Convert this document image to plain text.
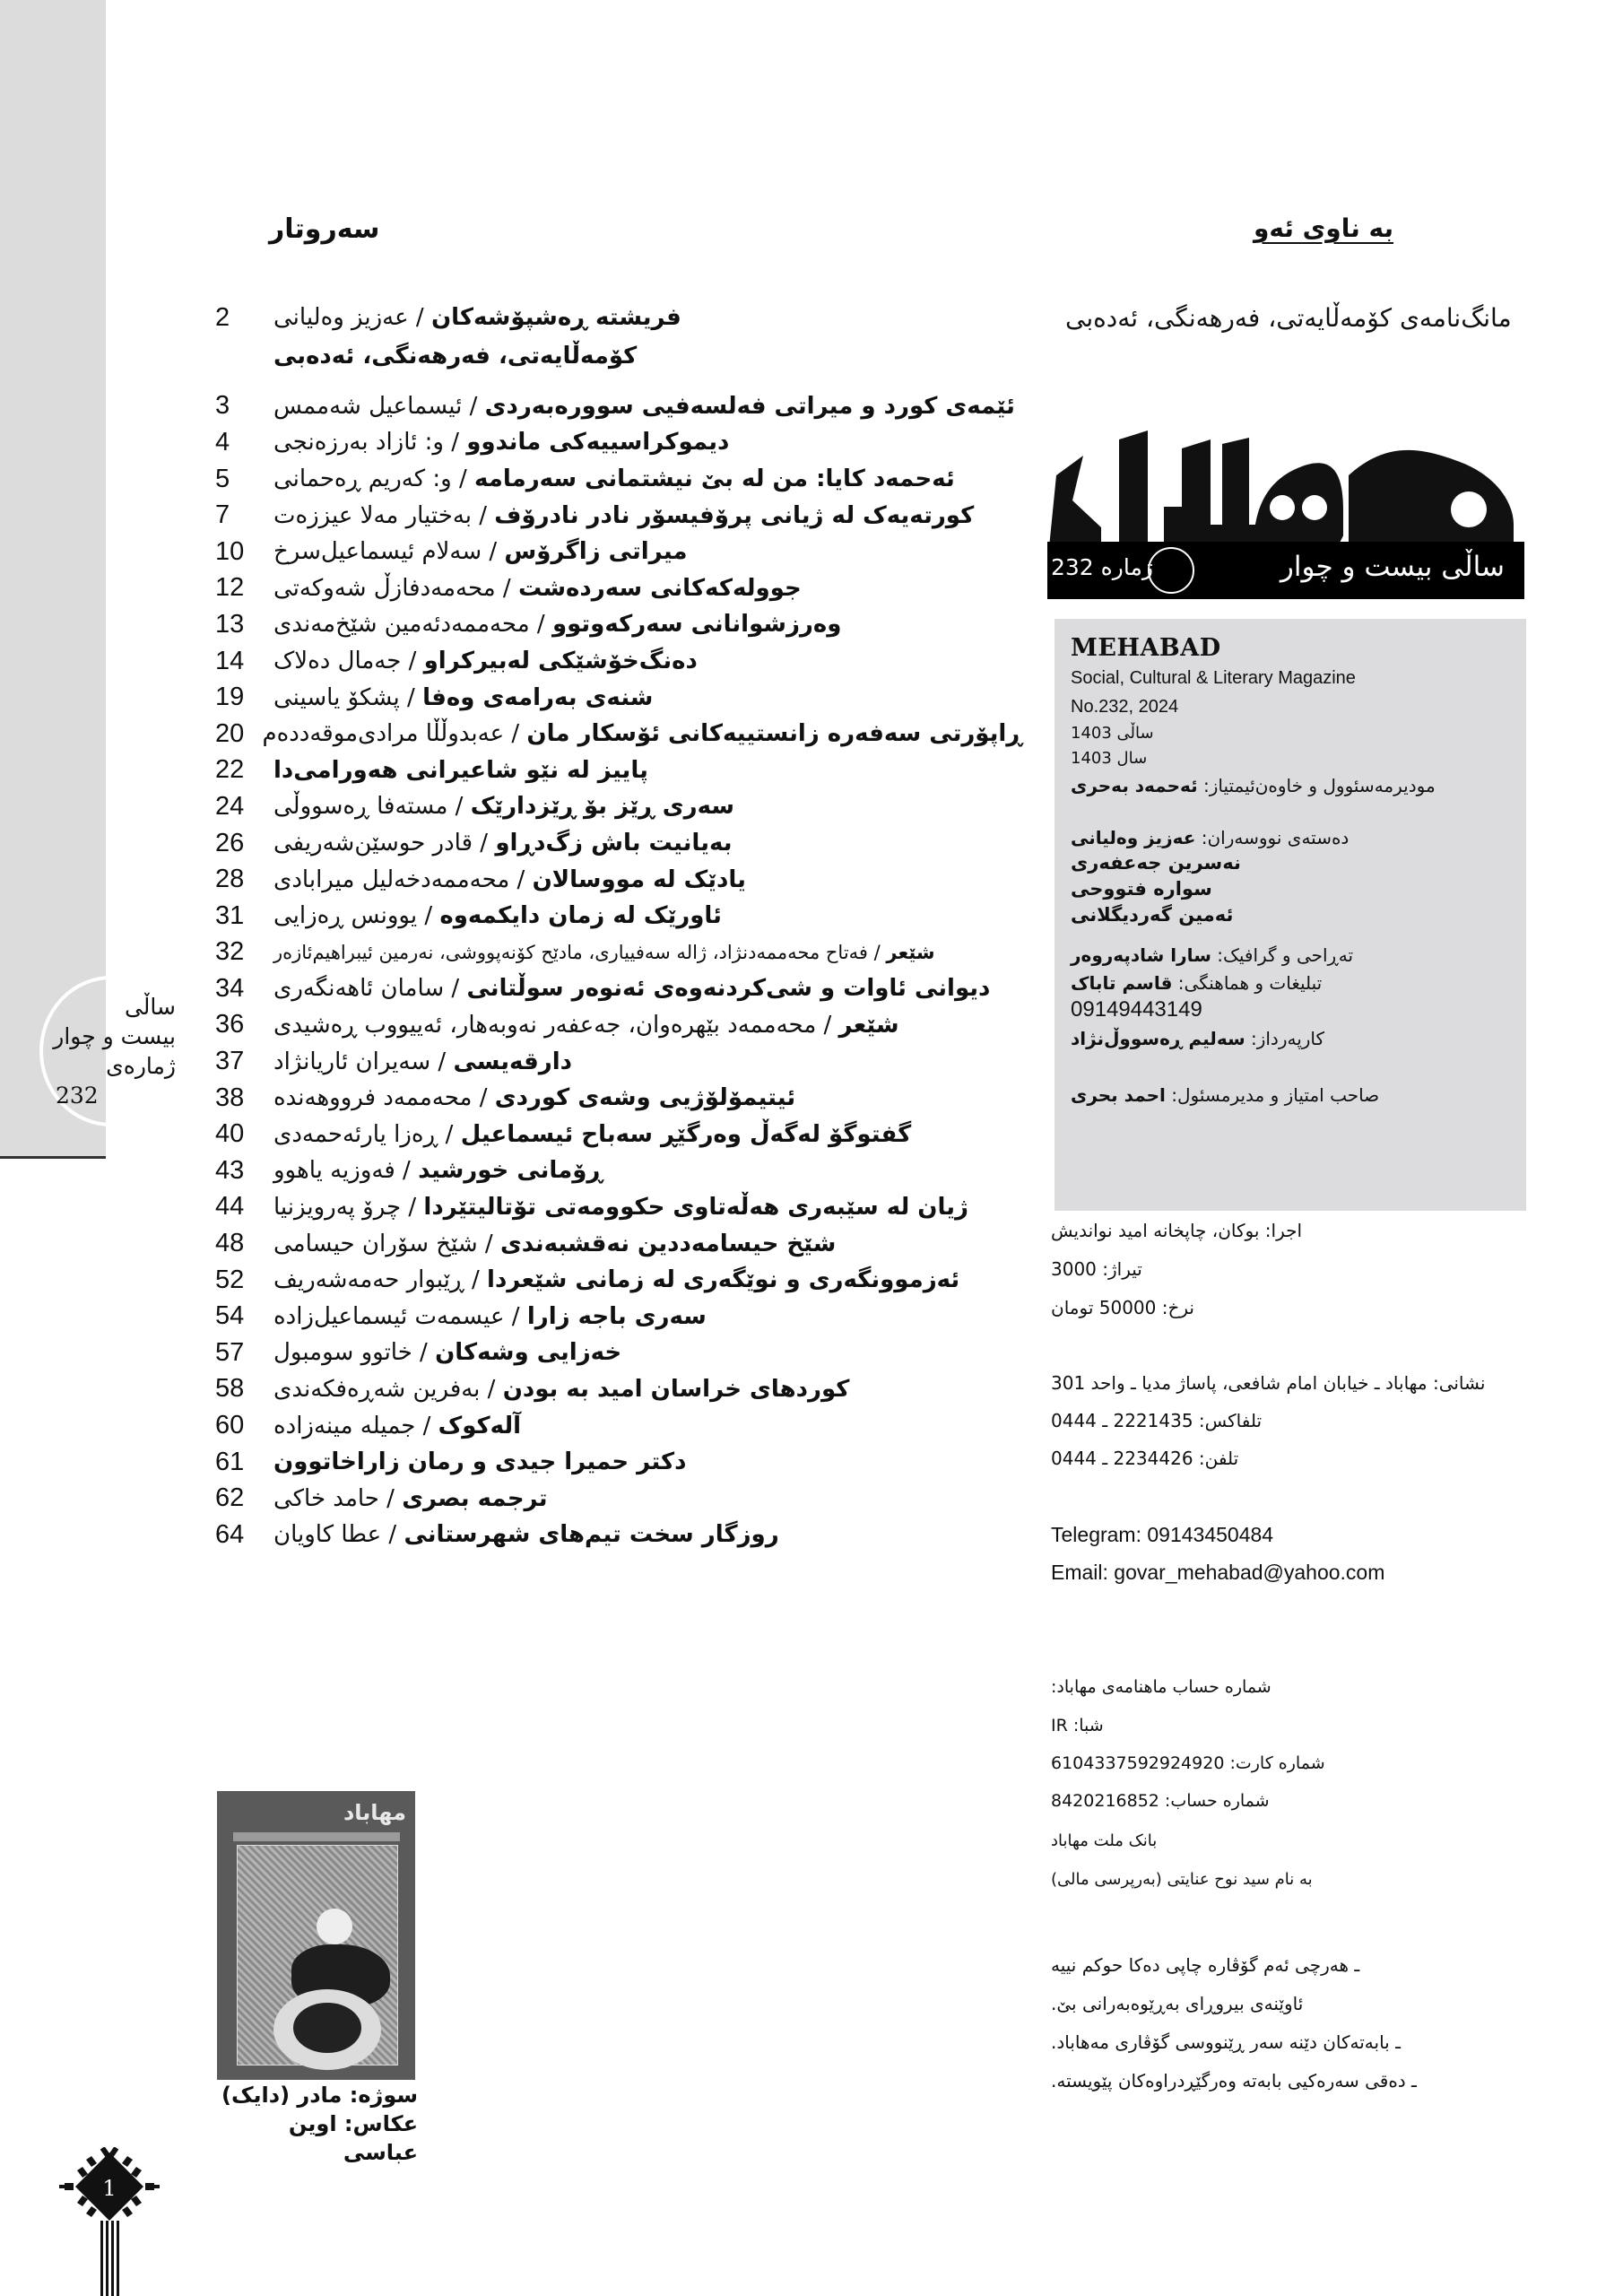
ساڵی
بیست و چوار
ژماره‌ی
232
سه‌روتار
2	فریشته ڕه‌شپۆشه‌كان / عه‌زیز وه‌لیانی
كۆمه‌ڵایه‌تی، فه‌رهه‌نگی، ئه‌ده‌بی
3	ئێمه‌ی كورد و میراتی فه‌لسه‌فیی سووره‌به‌ردی / ئیسماعیل شه‌ممس
4	دیموكراسییه‌كی ماندوو / و: ئازاد به‌رزه‌نجی
5	ئه‌حمه‌د كایا: من له‌ بێ نیشتمانی سه‌رمامه‌ / و: كه‌ریم ڕه‌حمانی
7	كورته‌یه‌ک له‌ ژیانی پرۆفیسۆر نادر نادرۆف / به‌ختیار مه‌لا عیززه‌ت
10	میراتی زاگرۆس / سه‌لام ئیسماعیل‌سرخ
12	جووله‌كه‌كانی سه‌رده‌شت / محه‌مه‌دفازڵ شه‌وكه‌تی
13	وه‌رزشوانانی سه‌ركه‌وتوو / محه‌ممه‌دئه‌مین شێخ‌مه‌ندی
14	ده‌نگ‌خۆشێكی له‌بیركراو / جه‌مال ده‌لاک
19	شنه‌ی به‌رامه‌ی وه‌فا / پشكۆ یاسینی
20	ڕاپۆرتی سه‌فه‌ره‌ زانستییه‌كانی ئۆسكار مان / عه‌بدوڵڵا مرادی‌موقه‌دده‌م
22	پاییز له‌ نێو شاعیرانی هه‌ورامی‌دا
24	سه‌ری ڕێز بۆ ڕێزدارێک / مسته‌فا ڕه‌سووڵی
26	به‌یانیت باش زگ‌دڕاو / قادر حوسێن‌شه‌ریفی
28	یادێک له‌ مووسالان / محه‌ممه‌دخه‌لیل میرابادی
31	ئاورێک له‌ زمان دایكمه‌وه‌ / یوونس ڕه‌زایی
32	شێعر / فه‌تاح محه‌ممه‌دنژاد، ژاله‌ سه‌فییاری، مادێح كۆنه‌پووشی، نه‌رمین ئیبراهیم‌ئازه‌ر
34	دیوانی ئاوات و شی‌كردنه‌وه‌ی ئه‌نوه‌ر سوڵتانی / سامان ئاهه‌نگه‌ری
36	شێعر / محه‌ممه‌د بێهره‌وان، جه‌عفه‌ر نه‌وبه‌هار، ئه‌ییووب ڕه‌شیدی
37	دارقه‌یسی / سه‌یران ئاریانژاد
38	ئیتیمۆلۆژیی وشه‌ی كوردی / محه‌ممه‌د فرووهه‌نده‌
40	گفتوگۆ له‌گه‌ڵ وه‌رگێڕ سه‌باح ئیسماعیل / ڕه‌زا یارئه‌حمه‌دی
43	ڕۆمانی خورشید / فه‌وزیه‌ یاهوو
44	ژیان له‌ سێبه‌ری هه‌ڵه‌تاوی حكوومه‌تی تۆتالیتێردا / چرۆ په‌رویزنیا
48	شێخ حیسامه‌ددین نه‌قشبه‌ندی / شێخ سۆران حیسامی
52	ئه‌زموونگه‌ری و نوێگه‌ری له‌ زمانی شێعردا / ڕێبوار حه‌مه‌شه‌ریف
54	سه‌ری باجه‌ زارا / عیسمه‌ت ئیسماعیل‌زاده‌
57	خه‌زایی وشه‌كان / خاتوو سومبول
58	كوردهای خراسان امید به‌ بودن / به‌فرین شه‌ڕه‌فكه‌ندی
60	آله‌كوک / جمیله‌ مینه‌زاده‌
61	دكتر حمیرا جیدی و رمان زاراخاتوون
62	ترجمه‌ بصری / حامد خاكی
64	روزگار سخت تیم‌های شهرستانی / عطا كاویان
به ناوی ئه‌و
مانگ‌نامه‌ی كۆمه‌ڵایه‌تی، فه‌رهه‌نگی، ئه‌ده‌بی
ساڵی بیست و چوار
ژماره 232
MEHABAD
Social, Cultural & Literary Magazine
No.232, 2024
ساڵی 1403
سال 1403
مودیرمه‌سئوول و خاوه‌ن‌ئیمتیاز: ئه‌حمه‌د به‌حری
ده‌سته‌ی نووسه‌ران: عه‌زیز وه‌لیانی
نه‌سرین جه‌عفه‌ری
سواره‌ فتووحی
ئه‌مین گه‌ردیگلانی
ته‌ڕاحی و گرافیک: سارا شادپه‌روه‌ر
تبلیغات و هماهنگی: قاسم تاباک
09149443149
كارپه‌رداز: سه‌لیم ڕه‌سووڵ‌نژاد
صاحب امتیاز و مدیرمسئول: احمد بحری
اجرا: بوكان، چاپخانه‌ امید نواندیش
تیراژ: 3000
نرخ: 50000 تومان
نشانی: مهاباد ـ خیابان امام شافعی، پاساژ مدیا ـ واحد 301
تلفاكس: 2221435 ـ 0444
تلفن: 2234426 ـ 0444
Telegram: 09143450484
Email: govar_mehabad@yahoo.com
شماره حساب ماهنامه‌ی مهاباد:
شبا: IR
شماره كارت: 6104337592924920
شماره حساب: 8420216852
بانک ملت مهاباد
به نام سید نوح عنایتی (به‌رپرسی مالی)
ـ هه‌رچی ئه‌م گۆڤاره‌ چاپی ده‌كا حوكم نییه‌
ئاوێنه‌ی بیروڕای به‌ڕێوه‌به‌رانی بێ.
ـ بابه‌ته‌كان دێنه‌ سه‌ر ڕێنووسی گۆڤاری مه‌هاباد.
ـ ده‌قی سه‌ره‌كیی بابه‌ته‌ وه‌رگێڕدراوه‌كان پێویسته‌.
مهاباد
سوژه: مادر (دایک)
عكاس: اوین عباسی
1
